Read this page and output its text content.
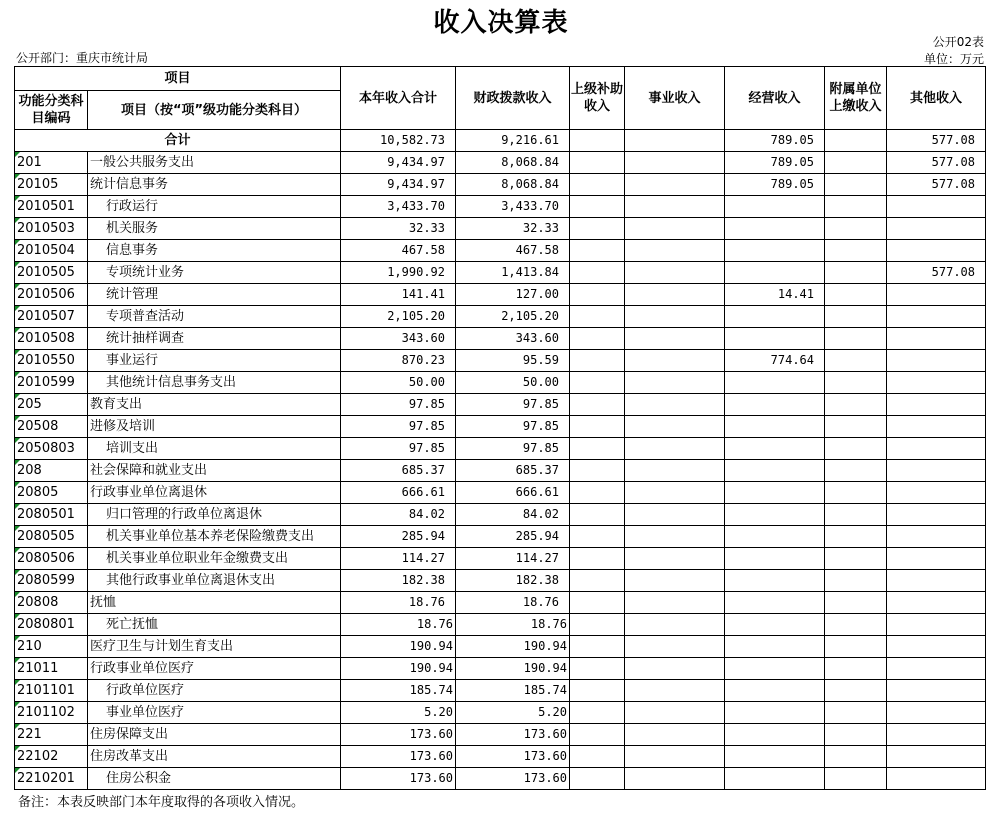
收入决算表
公开02表
公开部门：重庆市统计局	单位：万元
项目		本年收入合计	财政拨款收入	上级补助收入	事业收入	经营收入	附属单位上缴收入	其他收入
功能分类科目编码	项目（按“项”级功能分类科目）							
合计		10,582.73	9,216.61			789.05		577.08
201	一般公共服务支出	9,434.97	8,068.84			789.05		577.08
20105	统计信息事务	9,434.97	8,068.84			789.05		577.08
2010501	行政运行	3,433.70	3,433.70					
2010503	机关服务	32.33	32.33					
2010504	信息事务	467.58	467.58					
2010505	专项统计业务	1,990.92	1,413.84					577.08
2010506	统计管理	141.41	127.00			14.41		
2010507	专项普查活动	2,105.20	2,105.20					
2010508	统计抽样调查	343.60	343.60					
2010550	事业运行	870.23	95.59			774.64		
2010599	其他统计信息事务支出	50.00	50.00					
205	教育支出	97.85	97.85					
20508	进修及培训	97.85	97.85					
2050803	培训支出	97.85	97.85					
208	社会保障和就业支出	685.37	685.37					
20805	行政事业单位离退休	666.61	666.61					
2080501	归口管理的行政单位离退休	84.02	84.02					
2080505	机关事业单位基本养老保险缴费支出	285.94	285.94					
2080506	机关事业单位职业年金缴费支出	114.27	114.27					
2080599	其他行政事业单位离退休支出	182.38	182.38					
20808	抚恤	18.76	18.76					
2080801	死亡抚恤	18.76	18.76					
210	医疗卫生与计划生育支出	190.94	190.94					
21011	行政事业单位医疗	190.94	190.94					
2101101	行政单位医疗	185.74	185.74					
2101102	事业单位医疗	5.20	5.20					
221	住房保障支出	173.60	173.60					
22102	住房改革支出	173.60	173.60					
2210201	住房公积金	173.60	173.60					
备注：本表反映部门本年度取得的各项收入情况。
